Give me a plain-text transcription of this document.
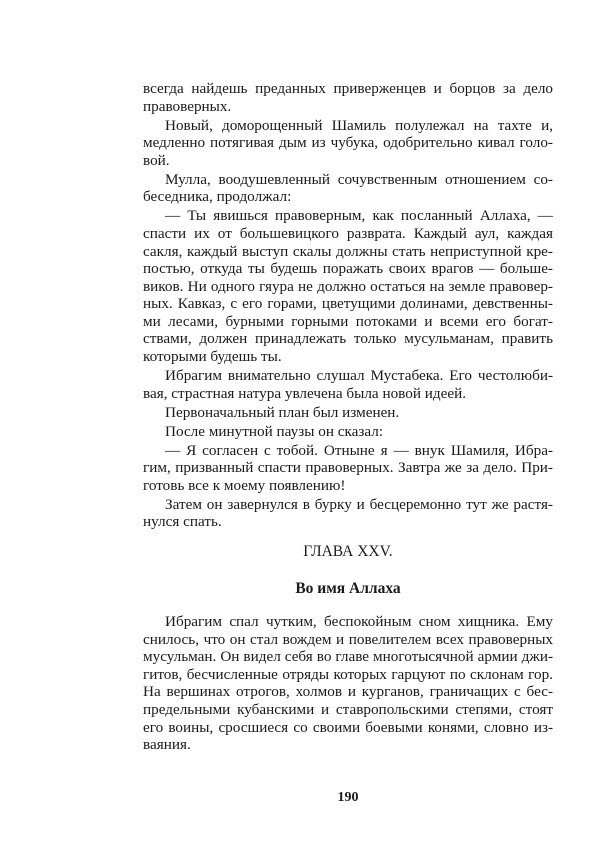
всегда найдешь преданных приверженцев и борцов за дело
правоверных.
Новый, доморощенный Шамиль полулежал на тахте и,
медленно потягивая дым из чубука, одобрительно кивал голо-
вой.
Мулла, воодушевленный сочувственным отношением со-
беседника, продолжал:
— Ты явишься правоверным, как посланный Аллаха, —
спасти их от большевицкого разврата. Каждый аул, каждая
сакля, каждый выступ скалы должны стать неприступной кре-
постью, откуда ты будешь поражать своих врагов — больше-
виков. Ни одного гяура не должно остаться на земле правовер-
ных. Кавказ, с его горами, цветущими долинами, девственны-
ми лесами, бурными горными потоками и всеми его богат-
ствами, должен принадлежать только мусульманам, править
которыми будешь ты.
Ибрагим внимательно слушал Мустабека. Его честолюби-
вая, страстная натура увлечена была новой идеей.
Первоначальный план был изменен.
После минутной паузы он сказал:
— Я согласен с тобой. Отныне я — внук Шамиля, Ибра-
гим, призванный спасти правоверных. Завтра же за дело. При-
готовь все к моему появлению!
Затем он завернулся в бурку и бесцеремонно тут же растя-
нулся спать.
ГЛАВА XXV.
Во имя Аллаха
Ибрагим спал чутким, беспокойным сном хищника. Ему
снилось, что он стал вождем и повелителем всех правоверных
мусульман. Он видел себя во главе многотысячной армии джи-
гитов, бесчисленные отряды которых гарцуют по склонам гор.
На вершинах отрогов, холмов и курганов, граничащих с бес-
предельными кубанскими и ставропольскими степями, стоят
его воины, сросшиеся со своими боевыми конями, словно из-
ваяния.
190
